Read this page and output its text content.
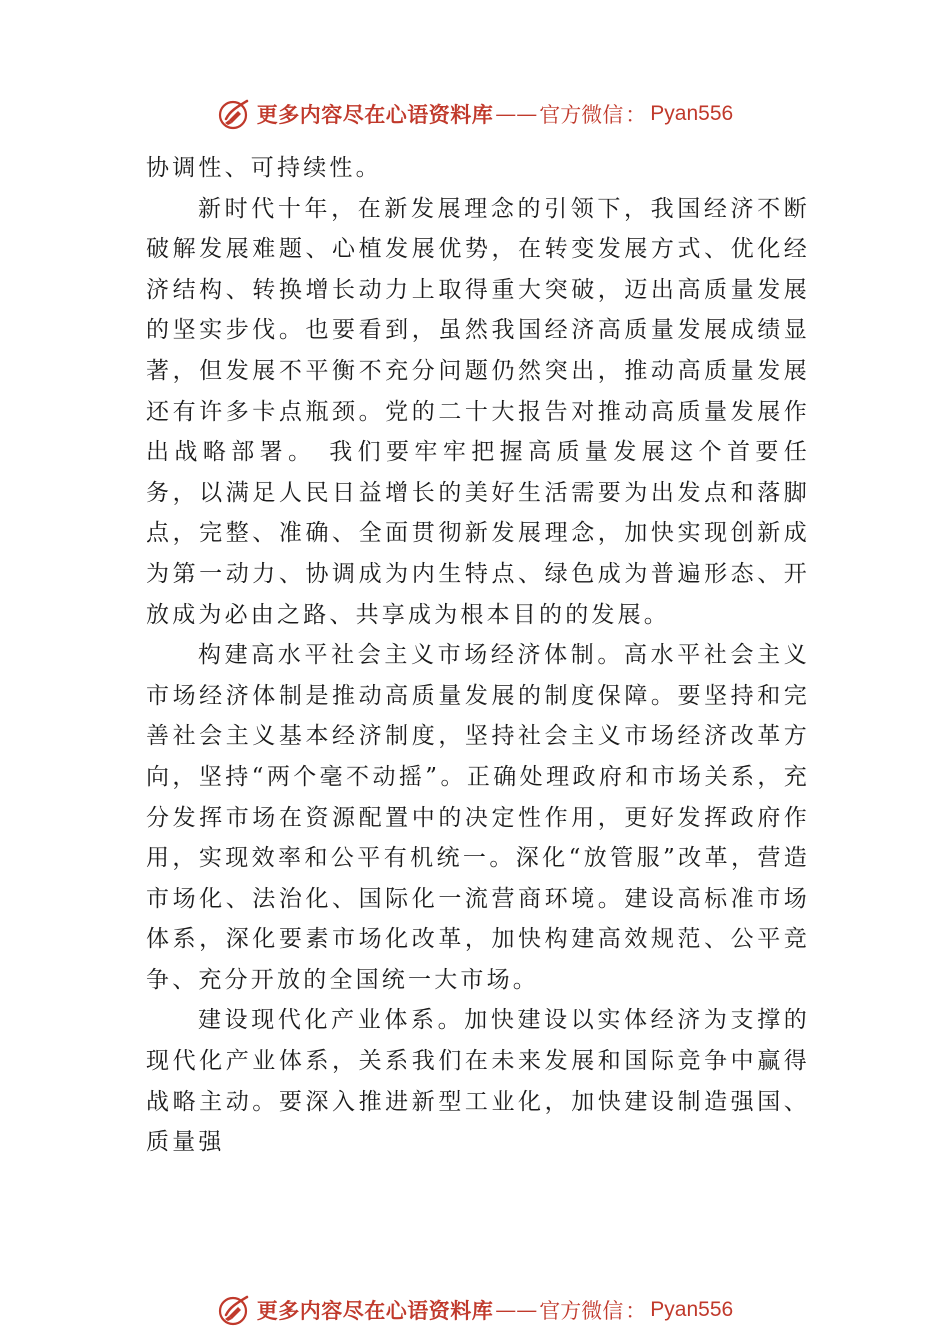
更多内容尽在心语资料库 —— 官方微信 ： Pyan556

协调性、可持续性。

新时代十年，在新发展理念的引领下，我国经济不断破解发展难题、⼼植发展优势，在转变发展方式、优化经济结构、转换增长动力上取得重大突破，迈出高质量发展的坚实步伐。也要看到，虽然我国经济高质量发展成绩显著，但发展不平衡不充分问题仍然突出，推动高质量发展还有许多卡点瓶颈。党的二十大报告对推动高质量发展作出战略部署。 我们要牢牢把握高质量发展这个首要任务，以满足人民日益增长的美好生活需要为出发点和落脚点，完整、准确、全面贯彻新发展理念，加快实现创新成为第一动力、协调成为内生特点、绿色成为普遍形态、开放成为必由之路、共享成为根本目的的发展。

构建高水平社会主义市场经济体制。高水平社会主义市场经济体制是推动高质量发展的制度保障。要坚持和完善社会主义基本经济制度，坚持社会主义市场经济改革方向，坚持“两个毫不动摇”。正确处理政府和市场关系，充分发挥市场在资源配置中的决定性作用，更好发挥政府作用，实现效率和公平有机统一。深化“放管服”改革，营造市场化、法治化、国际化一流营商环境。建设高标准市场体系，深化要素市场化改革，加快构建高效规范、公平竞争、充分开放的全国统一大市场。

建设现代化产业体系。加快建设以实体经济为支撑的现代化产业体系，关系我们在未来发展和国际竞争中赢得战略主动。要深入推进新型工业化，加快建设制造强国、质量强

更多内容尽在心语资料库 —— 官方微信 ： Pyan556
